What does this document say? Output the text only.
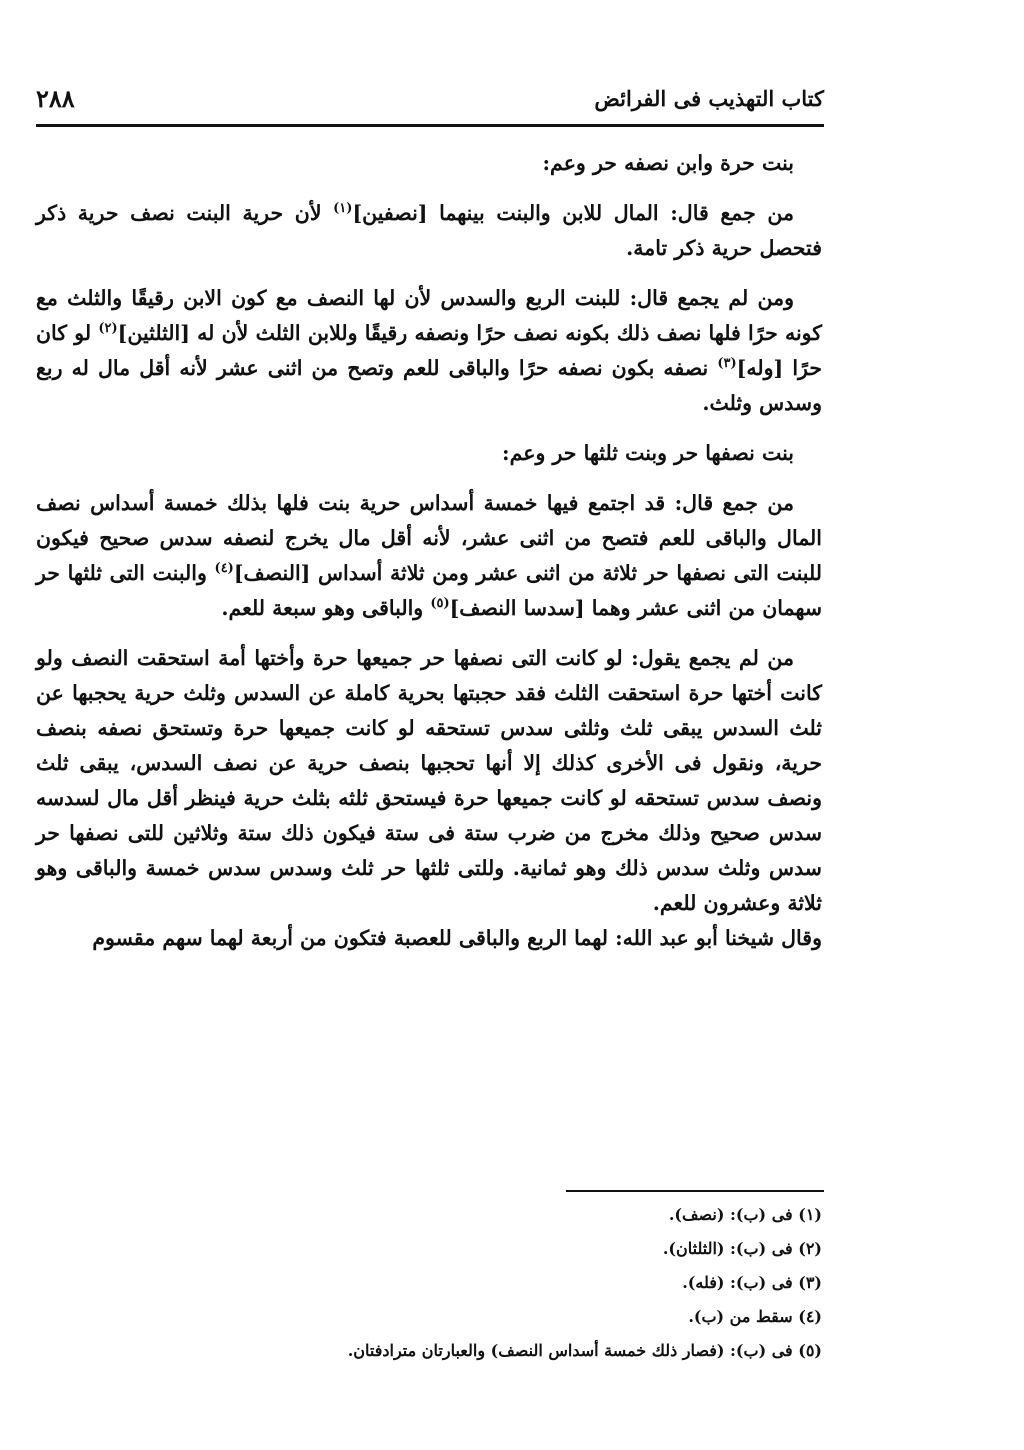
كتاب التهذيب فى الفرائض
٢٨٨

بنت حرة وابن نصفه حر وعم:

من جمع قال: المال للابن والبنت بينهما [نصفين]$^{(١)}$ لأن حرية البنت نصف حرية ذكر فتحصل حرية ذكر تامة.

ومن لم يجمع قال: للبنت الربع والسدس لأن لها النصف مع كون الابن رقيقًا والثلث مع كونه حرًا فلها نصف ذلك بكونه نصف حرًا ونصفه رقيقًا وللابن الثلث لأن له [الثلثين]$^{(٢)}$ لو كان حرًا [وله]$^{(٣)}$ نصفه بكون نصفه حرًا والباقى للعم وتصح من اثنى عشر لأنه أقل مال له ربع وسدس وثلث.

بنت نصفها حر وبنت ثلثها حر وعم:

من جمع قال: قد اجتمع فيها خمسة أسداس حرية بنت فلها بذلك خمسة أسداس نصف المال والباقى للعم فتصح من اثنى عشر، لأنه أقل مال يخرج لنصفه سدس صحيح فيكون للبنت التى نصفها حر ثلاثة من اثنى عشر ومن ثلاثة أسداس [النصف]$^{(٤)}$ والبنت التى ثلثها حر سهمان من اثنى عشر وهما [سدسا النصف]$^{(٥)}$ والباقى وهو سبعة للعم.

من لم يجمع يقول: لو كانت التى نصفها حر جميعها حرة وأختها أمة استحقت النصف ولو كانت أختها حرة استحقت الثلث فقد حجبتها بحرية كاملة عن السدس وثلث حرية يحجبها عن ثلث السدس يبقى ثلث وثلثى سدس تستحقه لو كانت جميعها حرة وتستحق نصفه بنصف حرية، ونقول فى الأخرى كذلك إلا أنها تحجبها بنصف حرية عن نصف السدس، يبقى ثلث ونصف سدس تستحقه لو كانت جميعها حرة فيستحق ثلثه بثلث حرية فينظر أقل مال لسدسه سدس صحيح وذلك مخرج من ضرب ستة فى ستة فيكون ذلك ستة وثلاثين للتى نصفها حر سدس وثلث سدس ذلك وهو ثمانية. وللتى ثلثها حر ثلث وسدس سدس خمسة والباقى وهو ثلاثة وعشرون للعم.

وقال شيخنا أبو عبد الله: لهما الربع والباقى للعصبة فتكون من أربعة لهما سهم مقسوم

(١) فى (ب): (نصف).
(٢) فى (ب): (الثلثان).
(٣) فى (ب): (فله).
(٤) سقط من (ب).
(٥) فى (ب): (فصار ذلك خمسة أسداس النصف) والعبارتان مترادفتان.
